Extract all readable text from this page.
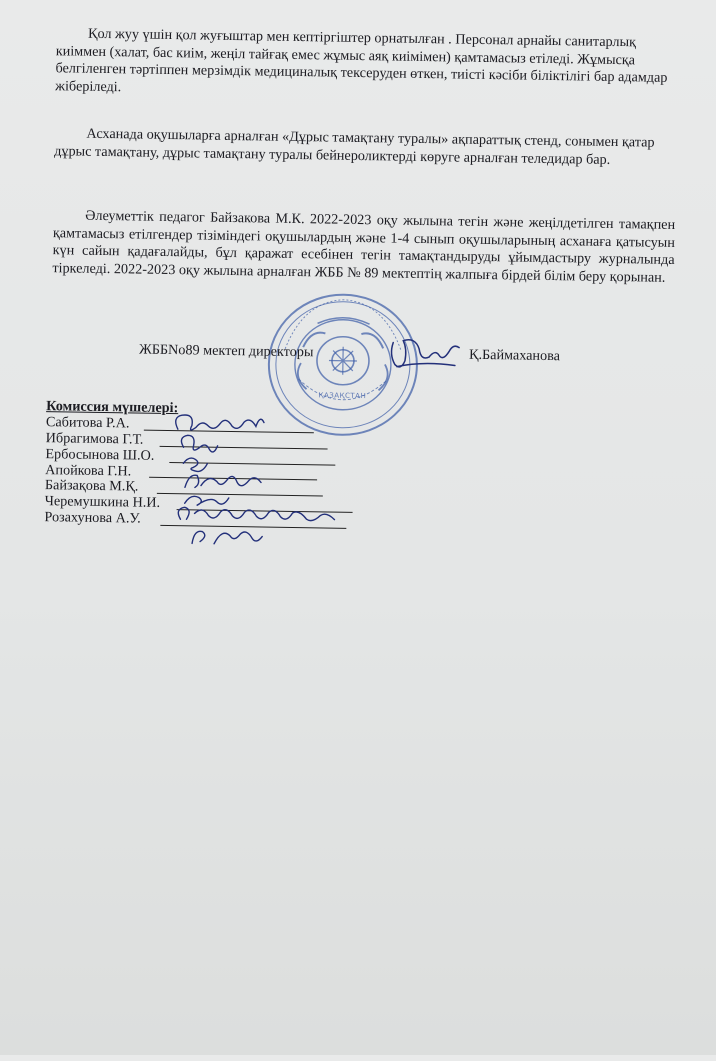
Қол жуу үшін қол жуғыштар мен кептіргіштер орнатылған . Персонал арнайы санитарлық киіммен (халат, бас киім, жеңіл тайғақ емес жұмыс аяқ киімімен) қамтамасыз етіледі. Жұмысқа белгіленген тәртіппен мерзімдік медициналық тексеруден өткен, тиісті кәсіби біліктілігі бар адамдар жіберіледі.

Асханада оқушыларға арналған «Дұрыс тамақтану туралы» ақпараттық стенд, сонымен қатар дұрыс тамақтану, дұрыс тамақтану туралы бейнероликтерді көруге арналған теледидар бар.

Әлеуметтік педагог Байзакова М.К. 2022-2023 оқу жылына тегін және жеңілдетілген тамақпен қамтамасыз етілгендер тізіміндегі оқушылардың және 1-4 сынып оқушыларының асханаға қатысуын күн сайын қадағалайды, бұл қаражат есебінен тегін тамақтандыруды ұйымдастыру журналында тіркеледі. 2022-2023 оқу жылына арналған ЖББ № 89 мектептің жалпыға бірдей білім беру қорынан.

ҚАЗАҚСТАН
ЖББNo89 мектеп директоры	Қ.Баймаханова

Комиссия мүшелері:

Сабитова Р.А.
Ибрагимова Г.Т.
Ербосынова Ш.О.
Апойкова Г.Н.
Байзақова М.Қ.
Черемушкина Н.И.
Розахунова А.У.
